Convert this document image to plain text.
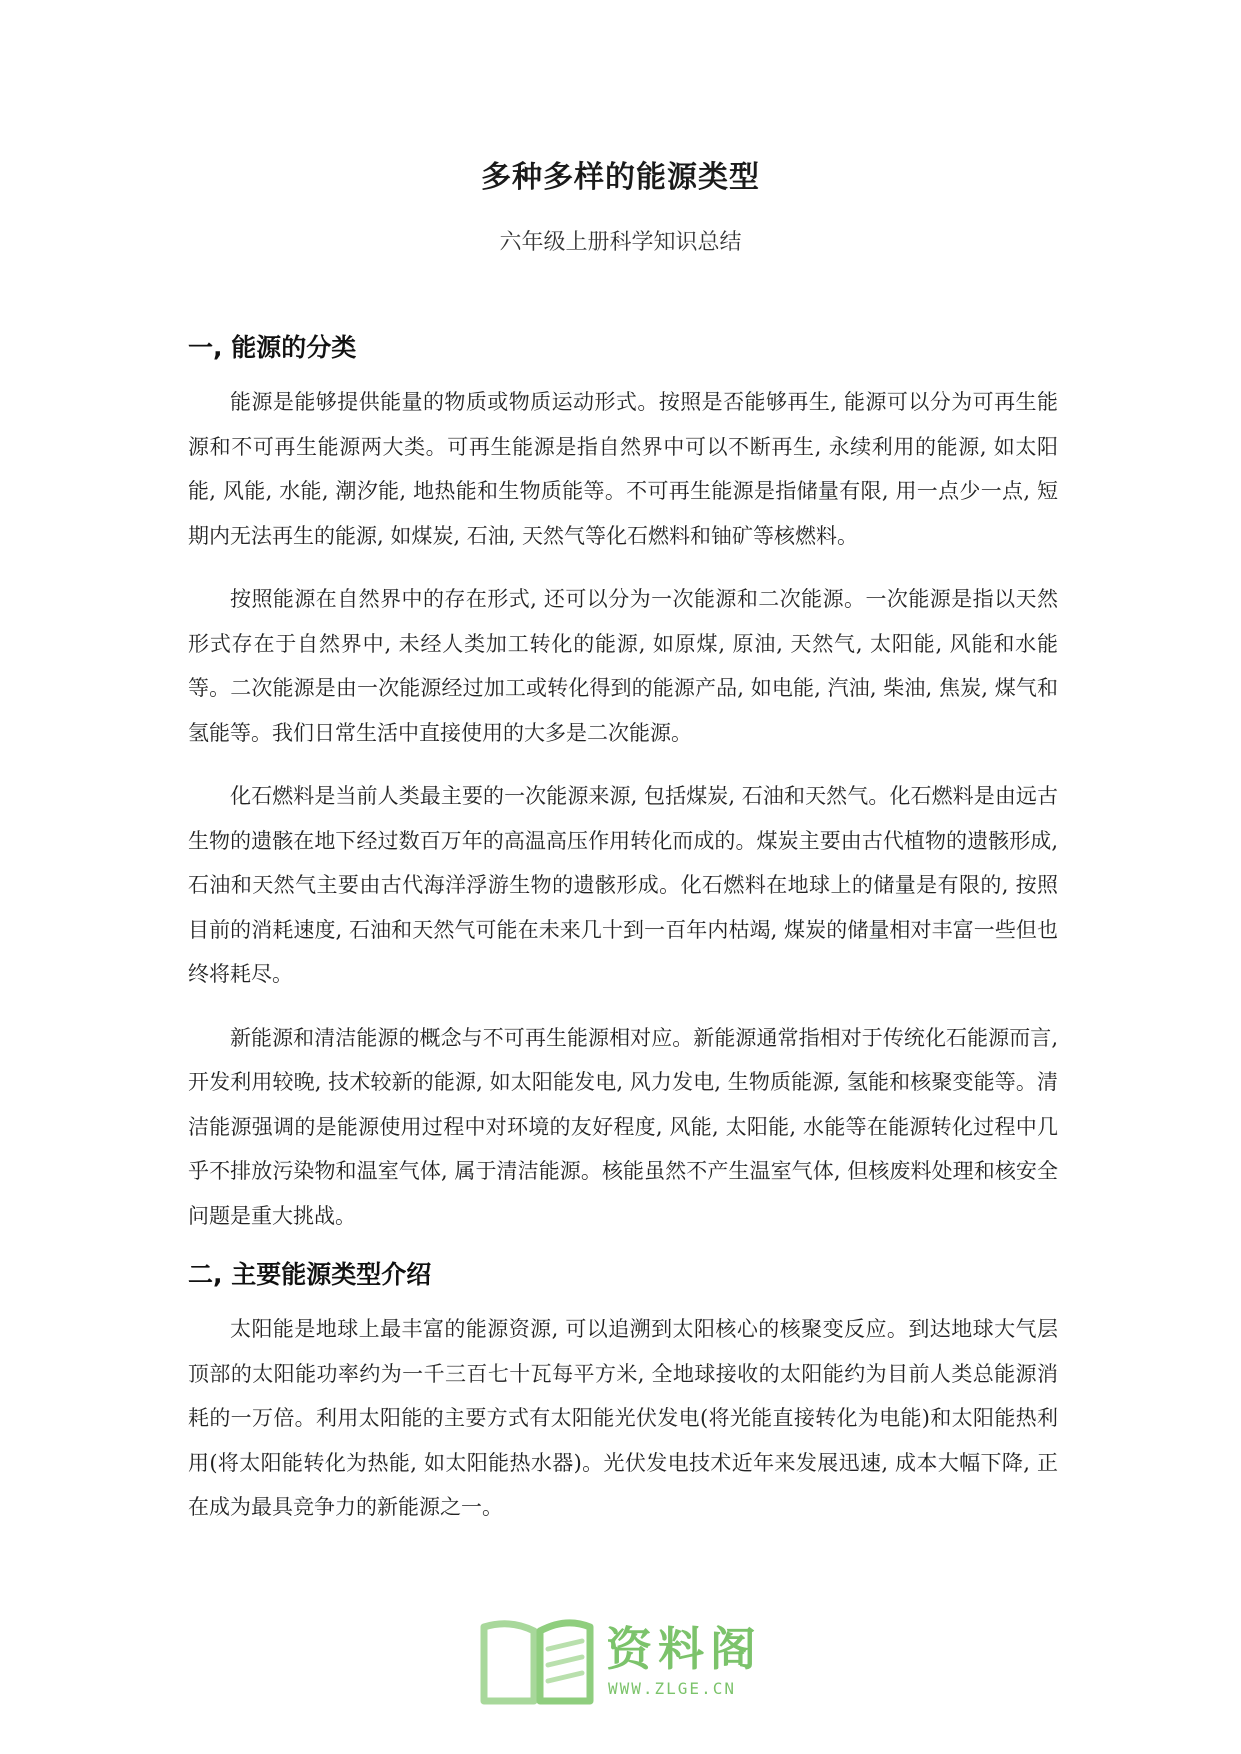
多种多样的能源类型
六年级上册科学知识总结
一, 能源的分类

能源是能够提供能量的物质或物质运动形式。按照是否能够再生, 能源可以分为可再生能源和不可再生能源两大类。可再生能源是指自然界中可以不断再生, 永续利用的能源, 如太阳能, 风能, 水能, 潮汐能, 地热能和生物质能等。不可再生能源是指储量有限, 用一点少一点, 短期内无法再生的能源, 如煤炭, 石油, 天然气等化石燃料和铀矿等核燃料。

按照能源在自然界中的存在形式, 还可以分为一次能源和二次能源。一次能源是指以天然形式存在于自然界中, 未经人类加工转化的能源, 如原煤, 原油, 天然气, 太阳能, 风能和水能等。二次能源是由一次能源经过加工或转化得到的能源产品, 如电能, 汽油, 柴油, 焦炭, 煤气和氢能等。我们日常生活中直接使用的大多是二次能源。

化石燃料是当前人类最主要的一次能源来源, 包括煤炭, 石油和天然气。化石燃料是由远古生物的遗骸在地下经过数百万年的高温高压作用转化而成的。煤炭主要由古代植物的遗骸形成, 石油和天然气主要由古代海洋浮游生物的遗骸形成。化石燃料在地球上的储量是有限的, 按照目前的消耗速度, 石油和天然气可能在未来几十到一百年内枯竭, 煤炭的储量相对丰富一些但也终将耗尽。

新能源和清洁能源的概念与不可再生能源相对应。新能源通常指相对于传统化石能源而言, 开发利用较晚, 技术较新的能源, 如太阳能发电, 风力发电, 生物质能源, 氢能和核聚变能等。清洁能源强调的是能源使用过程中对环境的友好程度, 风能, 太阳能, 水能等在能源转化过程中几乎不排放污染物和温室气体, 属于清洁能源。核能虽然不产生温室气体, 但核废料处理和核安全问题是重大挑战。

二, 主要能源类型介绍

太阳能是地球上最丰富的能源资源, 可以追溯到太阳核心的核聚变反应。到达地球大气层顶部的太阳能功率约为一千三百七十瓦每平方米, 全地球接收的太阳能约为目前人类总能源消耗的一万倍。利用太阳能的主要方式有太阳能光伏发电(将光能直接转化为电能)和太阳能热利用(将太阳能转化为热能, 如太阳能热水器)。光伏发电技术近年来发展迅速, 成本大幅下降, 正在成为最具竞争力的新能源之一。

资料阁
WWW.ZLGE.CN
